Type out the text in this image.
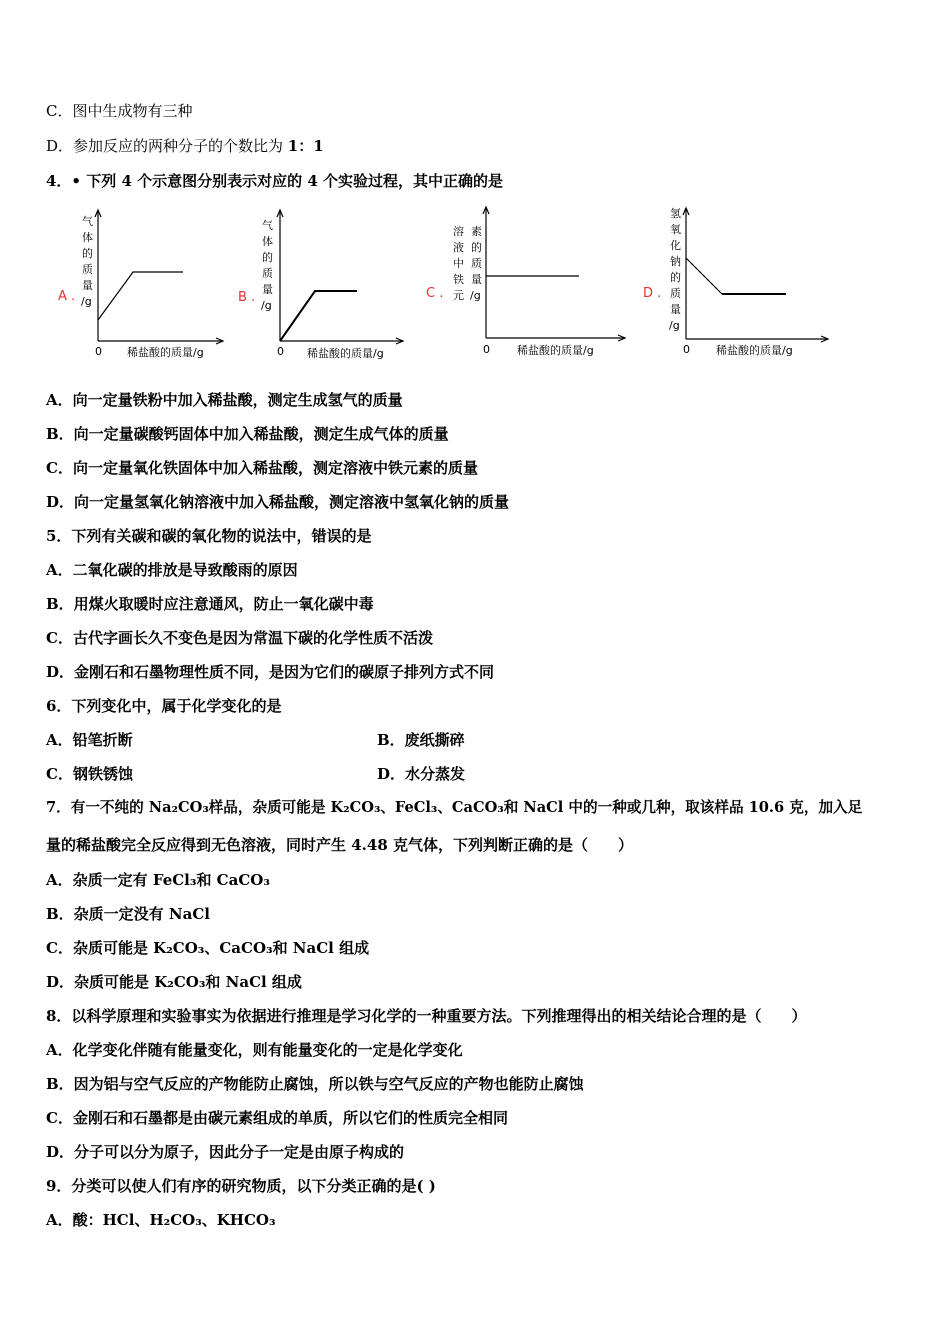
C．图中生成物有三种
D．参加反应的两种分子的个数比为 1：1
4．• 下列 4 个示意图分别表示对应的 4 个实验过程，其中正确的是
A .
气
体
的
质
量
/g
0 稀盐酸的质量/g
B .
气
体
的
质
量
/g
0 稀盐酸的质量/g
C .
溶
液
中
铁
元
素
的
质
量
/g
0 稀盐酸的质量/g
D .
氢
氧
化
钠
的
质
量
/g
0 稀盐酸的质量/g
A．向一定量铁粉中加入稀盐酸，测定生成氢气的质量
B．向一定量碳酸钙固体中加入稀盐酸，测定生成气体的质量
C．向一定量氧化铁固体中加入稀盐酸，测定溶液中铁元素的质量
D．向一定量氢氧化钠溶液中加入稀盐酸，测定溶液中氢氧化钠的质量
5．下列有关碳和碳的氧化物的说法中，错误的是
A．二氧化碳的排放是导致酸雨的原因
B．用煤火取暖时应注意通风，防止一氧化碳中毒
C．古代字画长久不变色是因为常温下碳的化学性质不活泼
D．金刚石和石墨物理性质不同，是因为它们的碳原子排列方式不同
6．下列变化中，属于化学变化的是
A．铅笔折断	B．废纸撕碎
C．钢铁锈蚀	D．水分蒸发
7．有一不纯的 Na₂CO₃样品，杂质可能是 K₂CO₃、FeCl₃、CaCO₃和 NaCl 中的一种或几种，取该样品 10.6 克，加入足
量的稀盐酸完全反应得到无色溶液，同时产生 4.48 克气体，下列判断正确的是（　　）
A．杂质一定有 FeCl₃和 CaCO₃
B．杂质一定没有 NaCl
C．杂质可能是 K₂CO₃、CaCO₃和 NaCl 组成
D．杂质可能是 K₂CO₃和 NaCl 组成
8．以科学原理和实验事实为依据进行推理是学习化学的一种重要方法。下列推理得出的相关结论合理的是（　　）
A．化学变化伴随有能量变化，则有能量变化的一定是化学变化
B．因为铝与空气反应的产物能防止腐蚀，所以铁与空气反应的产物也能防止腐蚀
C．金刚石和石墨都是由碳元素组成的单质，所以它们的性质完全相同
D．分子可以分为原子，因此分子一定是由原子构成的
9．分类可以使人们有序的研究物质，以下分类正确的是( )
A．酸：HCl、H₂CO₃、KHCO₃
